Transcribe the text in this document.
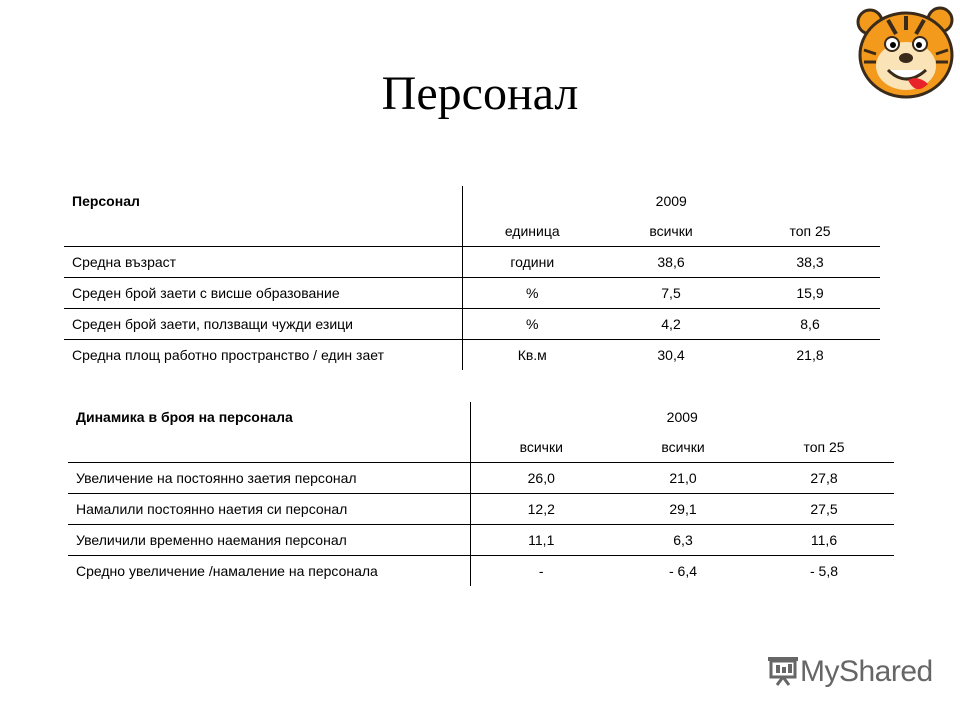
Персонал
Персонал	2009		
	единица	всички	топ 25
Средна възраст	години	38,6	38,3
Среден брой заети с висше образование	%	7,5	15,9
Среден брой заети, ползващи чужди езици	%	4,2	8,6
Средна площ работно пространство / един зает	Кв.м	30,4	21,8
Динамика в броя на персонала	2009		
	всички	всички	топ 25
Увеличение на постоянно заетия персонал	26,0	21,0	27,8
Намалили постоянно наетия си персонал	12,2	29,1	27,5
Увеличили временно наемания персонал	11,1	6,3	11,6
Средно увеличение /намаление на персонала	-	- 6,4	- 5,8
MyShared
